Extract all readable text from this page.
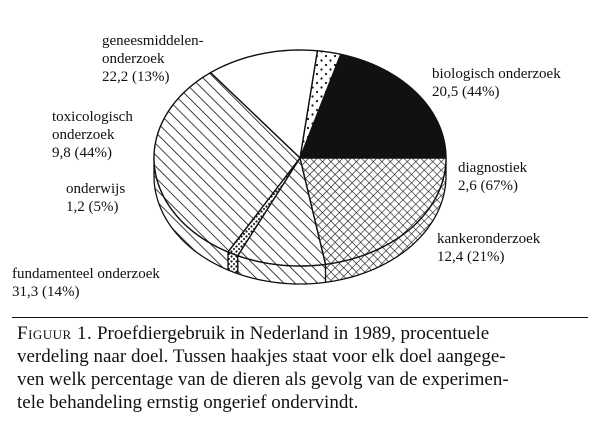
biologisch onderzoek 20,5 (44%)
diagnostiek 2,6 (67%)
kankeronderzoek 12,4 (21%)
fundamenteel onderzoek 31,3 (14%)
onderwijs 1,2 (5%)
toxicologisch onderzoek 9,8 (44%)
geneesmiddelen-onderzoek 22,2 (13%)
Figuur 1. Proefdiergebruik in Nederland in 1989, procentuele
verdeling naar doel. Tussen haakjes staat voor elk doel aangege-
ven welk percentage van de dieren als gevolg van de experimen-
tele behandeling ernstig ongerief ondervindt.
